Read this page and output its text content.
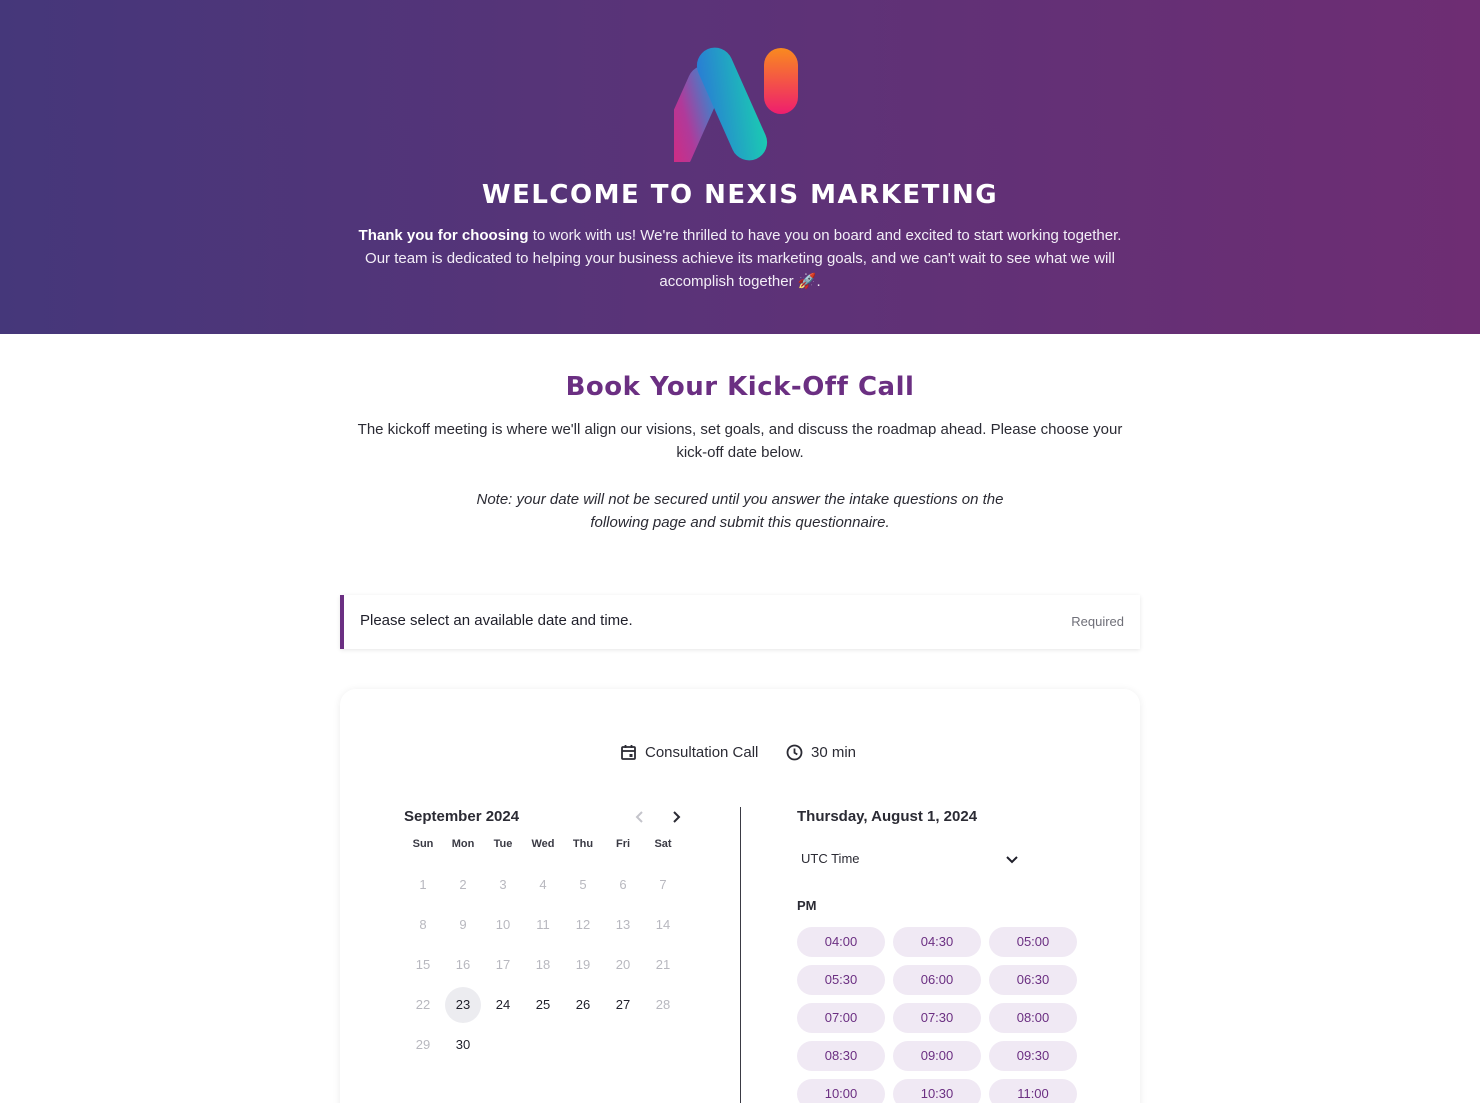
WELCOME TO NEXIS MARKETING
Thank you for choosing to work with us! We're thrilled to have you on board and excited to start working together. Our team is dedicated to helping your business achieve its marketing goals, and we can't wait to see what we will accomplish together 🚀.
Book Your Kick-Off Call
The kickoff meeting is where we'll align our visions, set goals, and discuss the roadmap ahead. Please choose your kick-off date below.
Note: your date will not be secured until you answer the intake questions on the following page and submit this questionnaire.
Please select an available date and time.	Required
Consultation Call	30 min
September 2024
Sun	Mon	Tue	Wed	Thu	Fri	Sat
1	2	3	4	5	6	7
8	9	10	11	12	13	14
15	16	17	18	19	20	21
22	23	24	25	26	27	28
29	30
Thursday, August 1, 2024
UTC Time
PM
04:00	04:30	05:00
05:30	06:00	06:30
07:00	07:30	08:00
08:30	09:00	09:30
10:00	10:30	11:00
